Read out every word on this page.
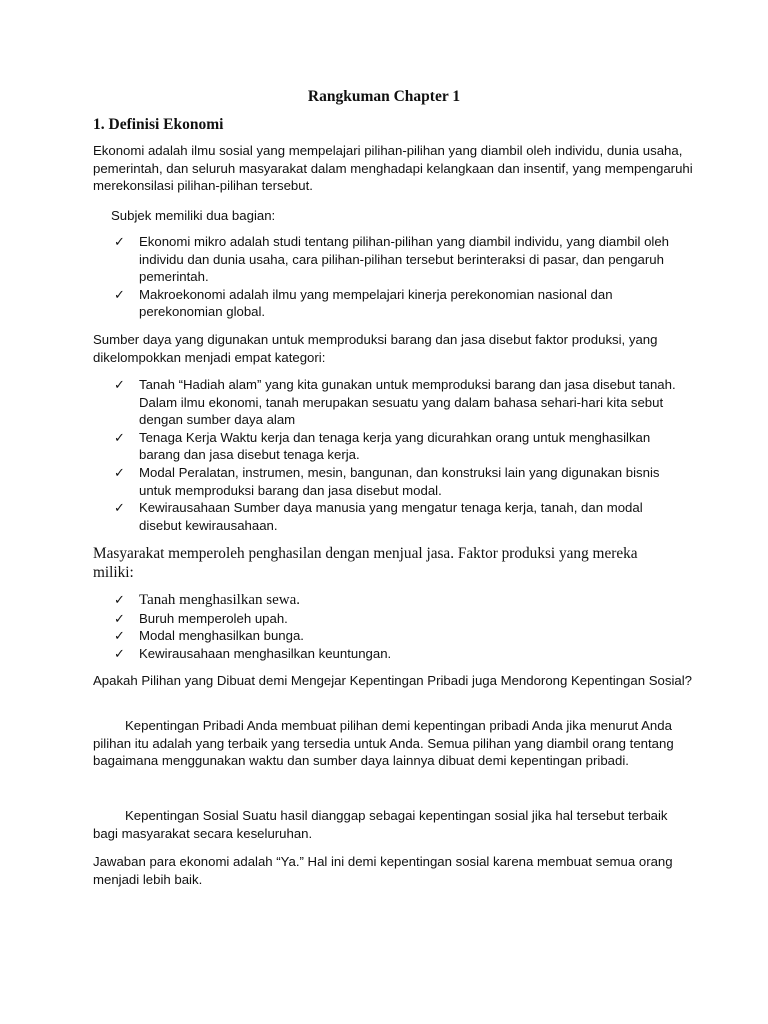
Rangkuman Chapter 1
1. Definisi Ekonomi

Ekonomi adalah ilmu sosial yang mempelajari pilihan-pilihan yang diambil oleh individu, dunia usaha, pemerintah, dan seluruh masyarakat dalam menghadapi kelangkaan dan insentif, yang mempengaruhi merekonsilasi pilihan-pilihan tersebut.

Subjek memiliki dua bagian:

✓ Ekonomi mikro adalah studi tentang pilihan-pilihan yang diambil individu, yang diambil oleh individu dan dunia usaha, cara pilihan-pilihan tersebut berinteraksi di pasar, dan pengaruh pemerintah.
✓ Makroekonomi adalah ilmu yang mempelajari kinerja perekonomian nasional dan perekonomian global.

Sumber daya yang digunakan untuk memproduksi barang dan jasa disebut faktor produksi, yang dikelompokkan menjadi empat kategori:

✓ Tanah “Hadiah alam” yang kita gunakan untuk memproduksi barang dan jasa disebut tanah. Dalam ilmu ekonomi, tanah merupakan sesuatu yang dalam bahasa sehari-hari kita sebut dengan sumber daya alam
✓ Tenaga Kerja Waktu kerja dan tenaga kerja yang dicurahkan orang untuk menghasilkan barang dan jasa disebut tenaga kerja.
✓ Modal Peralatan, instrumen, mesin, bangunan, dan konstruksi lain yang digunakan bisnis untuk memproduksi barang dan jasa disebut modal.
✓ Kewirausahaan Sumber daya manusia yang mengatur tenaga kerja, tanah, dan modal disebut kewirausahaan.

Masyarakat memperoleh penghasilan dengan menjual jasa. Faktor produksi yang mereka miliki:

✓ Tanah menghasilkan sewa.
✓ Buruh memperoleh upah.
✓ Modal menghasilkan bunga.
✓ Kewirausahaan menghasilkan keuntungan.

Apakah Pilihan yang Dibuat demi Mengejar Kepentingan Pribadi juga Mendorong Kepentingan Sosial?

Kepentingan Pribadi Anda membuat pilihan demi kepentingan pribadi Anda jika menurut Anda pilihan itu adalah yang terbaik yang tersedia untuk Anda. Semua pilihan yang diambil orang tentang bagaimana menggunakan waktu dan sumber daya lainnya dibuat demi kepentingan pribadi.

Kepentingan Sosial Suatu hasil dianggap sebagai kepentingan sosial jika hal tersebut terbaik bagi masyarakat secara keseluruhan.

Jawaban para ekonomi adalah “Ya.” Hal ini demi kepentingan sosial karena membuat semua orang menjadi lebih baik.
